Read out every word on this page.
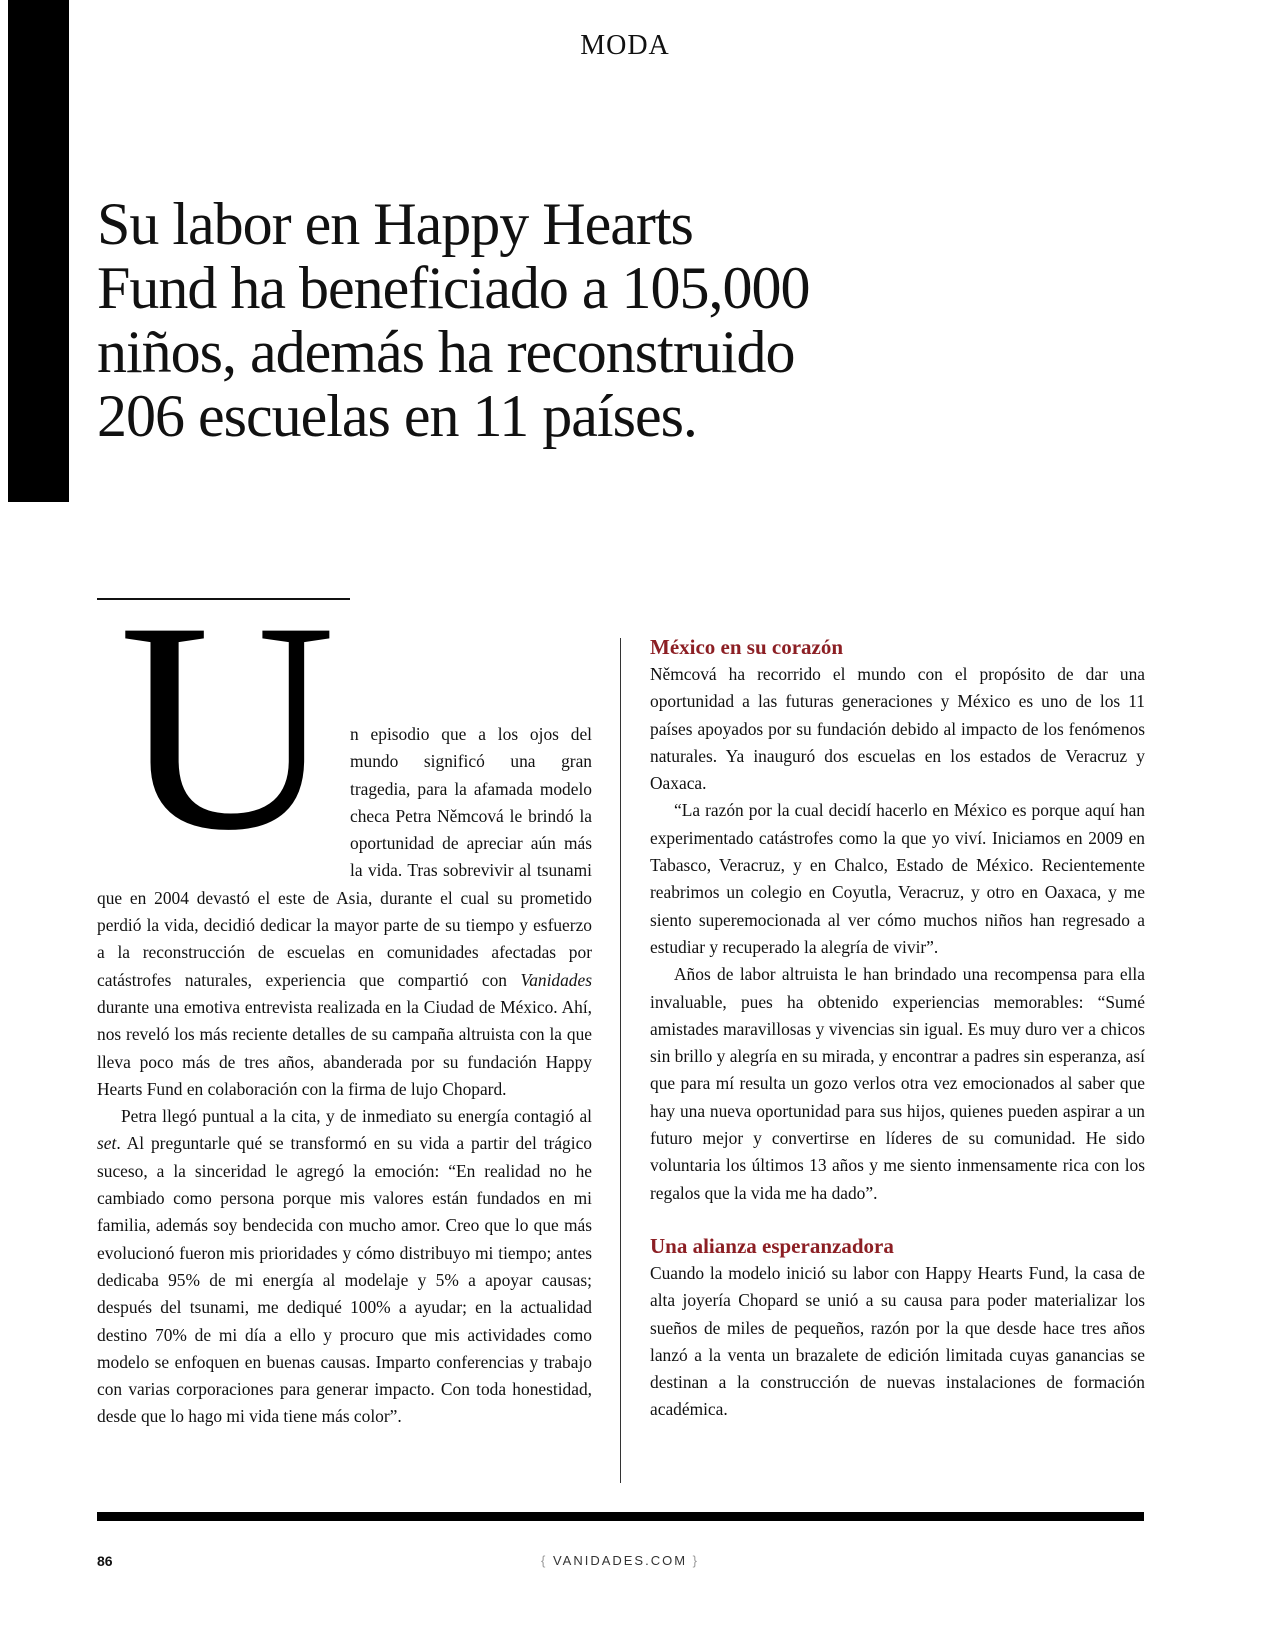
MODA
Su labor en Happy Hearts Fund ha beneficiado a 105,000 niños, además ha reconstruido 206 escuelas en 11 países.
U n episodio que a los ojos del mundo significó una gran tragedia, para la afamada modelo checa Petra Němcová le brindó la oportunidad de apreciar aún más la vida. Tras sobrevivir al tsunami que en 2004 devastó el este de Asia, durante el cual su prometido perdió la vida, decidió dedicar la mayor parte de su tiempo y esfuerzo a la reconstrucción de escuelas en comunidades afectadas por catástrofes naturales, experiencia que compartió con Vanidades durante una emotiva entrevista realizada en la Ciudad de México. Ahí, nos reveló los más reciente detalles de su campaña altruista con la que lleva poco más de tres años, abanderada por su fundación Happy Hearts Fund en colaboración con la firma de lujo Chopard.

Petra llegó puntual a la cita, y de inmediato su energía contagió al set. Al preguntarle qué se transformó en su vida a partir del trágico suceso, a la sinceridad le agregó la emoción: “En realidad no he cambiado como persona porque mis valores están fundados en mi familia, además soy bendecida con mucho amor. Creo que lo que más evolucionó fueron mis prioridades y cómo distribuyo mi tiempo; antes dedicaba 95% de mi energía al modelaje y 5% a apoyar causas; después del tsunami, me dediqué 100% a ayudar; en la actualidad destino 70% de mi día a ello y procuro que mis actividades como modelo se enfoquen en buenas causas. Imparto conferencias y trabajo con varias corporaciones para generar impacto. Con toda honestidad, desde que lo hago mi vida tiene más color”.

México en su corazón

Němcová ha recorrido el mundo con el propósito de dar una oportunidad a las futuras generaciones y México es uno de los 11 países apoyados por su fundación debido al impacto de los fenómenos naturales. Ya inauguró dos escuelas en los estados de Veracruz y Oaxaca.

“La razón por la cual decidí hacerlo en México es porque aquí han experimentado catástrofes como la que yo viví. Iniciamos en 2009 en Tabasco, Veracruz, y en Chalco, Estado de México. Recientemente reabrimos un colegio en Coyutla, Veracruz, y otro en Oaxaca, y me siento superemocionada al ver cómo muchos niños han regresado a estudiar y recuperado la alegría de vivir”.

Años de labor altruista le han brindado una recompensa para ella invaluable, pues ha obtenido experiencias memorables: “Sumé amistades maravillosas y vivencias sin igual. Es muy duro ver a chicos sin brillo y alegría en su mirada, y encontrar a padres sin esperanza, así que para mí resulta un gozo verlos otra vez emocionados al saber que hay una nueva oportunidad para sus hijos, quienes pueden aspirar a un futuro mejor y convertirse en líderes de su comunidad. He sido voluntaria los últimos 13 años y me siento inmensamente rica con los regalos que la vida me ha dado”.

Una alianza esperanzadora

Cuando la modelo inició su labor con Happy Hearts Fund, la casa de alta joyería Chopard se unió a su causa para poder materializar los sueños de miles de pequeños, razón por la que desde hace tres años lanzó a la venta un brazalete de edición limitada cuyas ganancias se destinan a la construcción de nuevas instalaciones de formación académica.

86	{ VANIDADES.COM }
